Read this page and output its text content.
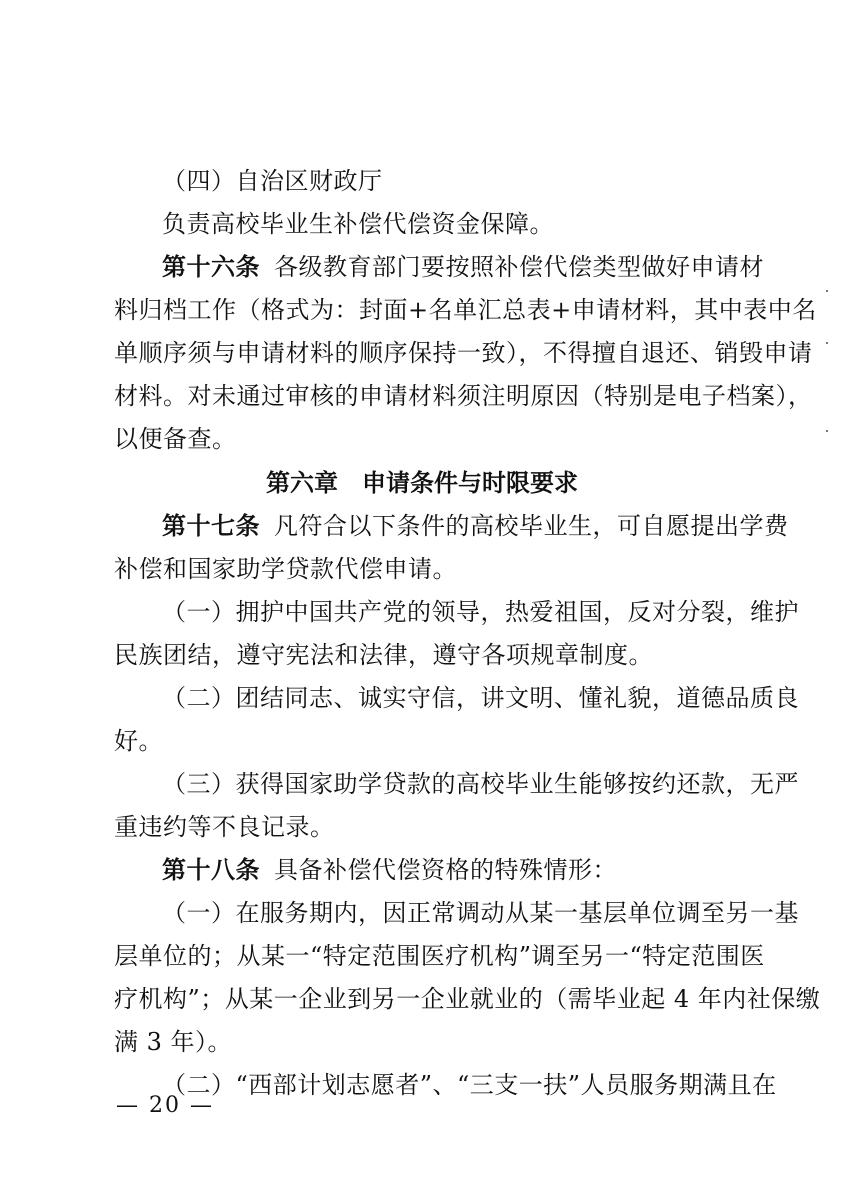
（四）自治区财政厅
负责高校毕业生补偿代偿资金保障。
第十六条 各级教育部门要按照补偿代偿类型做好申请材
料归档工作（格式为：封面+名单汇总表+申请材料，其中表中名
单顺序须与申请材料的顺序保持一致），不得擅自退还、销毁申请
材料。对未通过审核的申请材料须注明原因（特别是电子档案），
以便备查。
第六章 申请条件与时限要求
第十七条 凡符合以下条件的高校毕业生，可自愿提出学费
补偿和国家助学贷款代偿申请。
（一）拥护中国共产党的领导，热爱祖国，反对分裂，维护
民族团结，遵守宪法和法律，遵守各项规章制度。
（二）团结同志、诚实守信，讲文明、懂礼貌，道德品质良
好。
（三）获得国家助学贷款的高校毕业生能够按约还款，无严
重违约等不良记录。
第十八条 具备补偿代偿资格的特殊情形：
（一）在服务期内，因正常调动从某一基层单位调至另一基
层单位的；从某一“特定范围医疗机构”调至另一“特定范围医
疗机构”；从某一企业到另一企业就业的（需毕业起 4 年内社保缴
满 3 年）。
（二）“西部计划志愿者”、“三支一扶”人员服务期满且在
— 20 —
